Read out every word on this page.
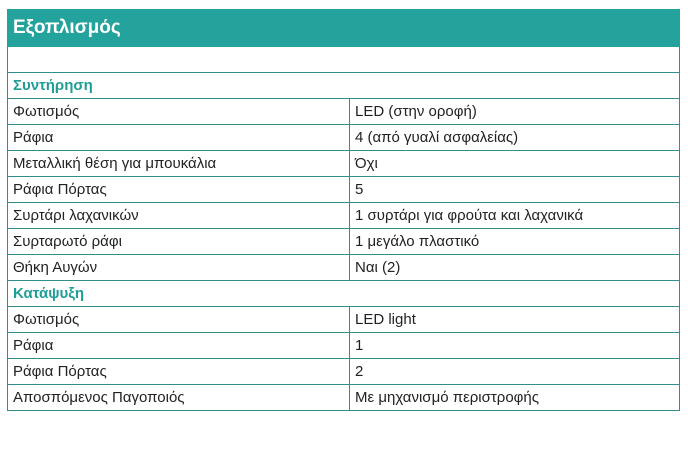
Εξοπλισμός	

Συντήρηση	
Φωτισμός	LED (στην οροφή)
Ράφια	4 (από γυαλί ασφαλείας)
Μεταλλική θέση για μπουκάλια	Όχι
Ράφια Πόρτας	5
Συρτάρι λαχανικών	1 συρτάρι για φρούτα και λαχανικά
Συρταρωτό ράφι	1 μεγάλο πλαστικό
Θήκη Αυγών	Ναι (2)
Κατάψυξη	
Φωτισμός	LED light
Ράφια	1
Ράφια Πόρτας	2
Αποσπόμενος Παγοποιός	Με μηχανισμό περιστροφής
